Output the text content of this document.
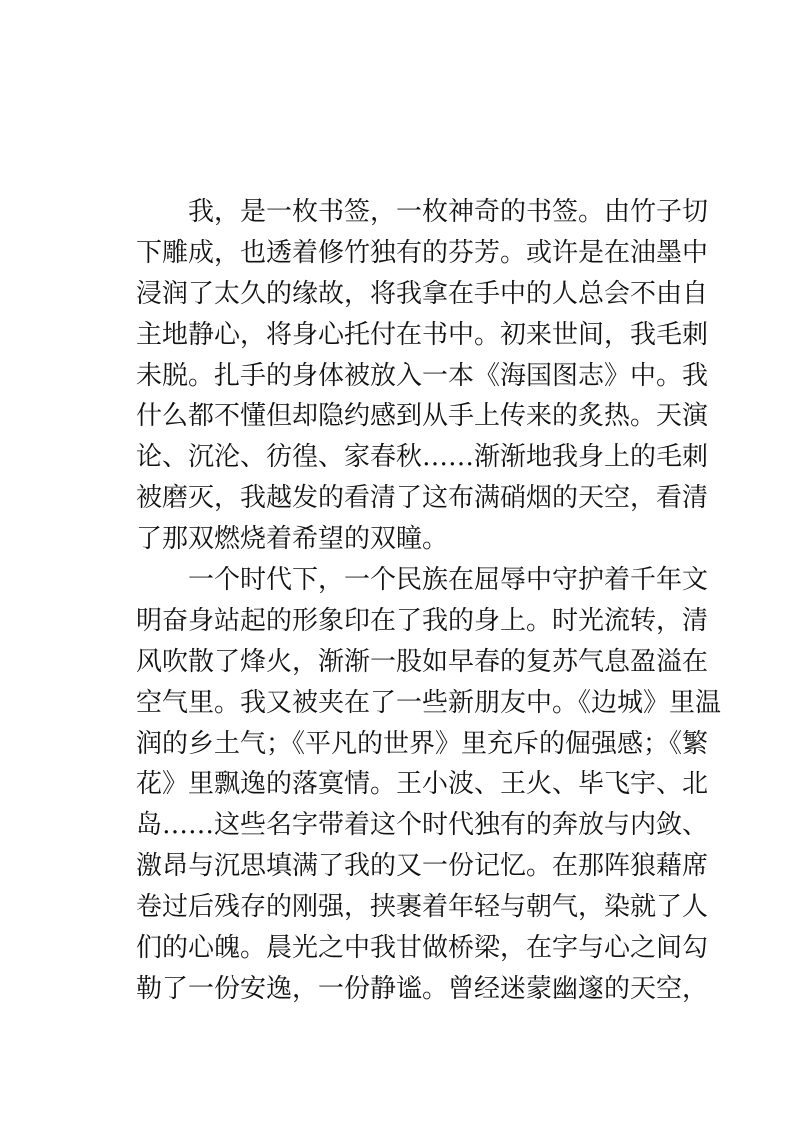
　　我，是一枚书签，一枚神奇的书签。由竹子切
下雕成，也透着修竹独有的芬芳。或许是在油墨中
浸润了太久的缘故，将我拿在手中的人总会不由自
主地静心，将身心托付在书中。初来世间，我毛刺
未脱。扎手的身体被放入一本《海国图志》中。我
什么都不懂但却隐约感到从手上传来的炙热。天演
论、沉沦、彷徨、家春秋……渐渐地我身上的毛刺
被磨灭，我越发的看清了这布满硝烟的天空，看清
了那双燃烧着希望的双瞳。
　　一个时代下，一个民族在屈辱中守护着千年文
明奋身站起的形象印在了我的身上。时光流转，清
风吹散了烽火，渐渐一股如早春的复苏气息盈溢在
空气里。我又被夹在了一些新朋友中。《边城》里温
润的乡土气；《平凡的世界》里充斥的倔强感；《繁
花》里飘逸的落寞情。王小波、王火、毕飞宇、北
岛……这些名字带着这个时代独有的奔放与内敛、
激昂与沉思填满了我的又一份记忆。在那阵狼藉席
卷过后残存的刚强，挟裹着年轻与朝气，染就了人
们的心魄。晨光之中我甘做桥梁，在字与心之间勾
勒了一份安逸，一份静谧。曾经迷蒙幽邃的天空，
